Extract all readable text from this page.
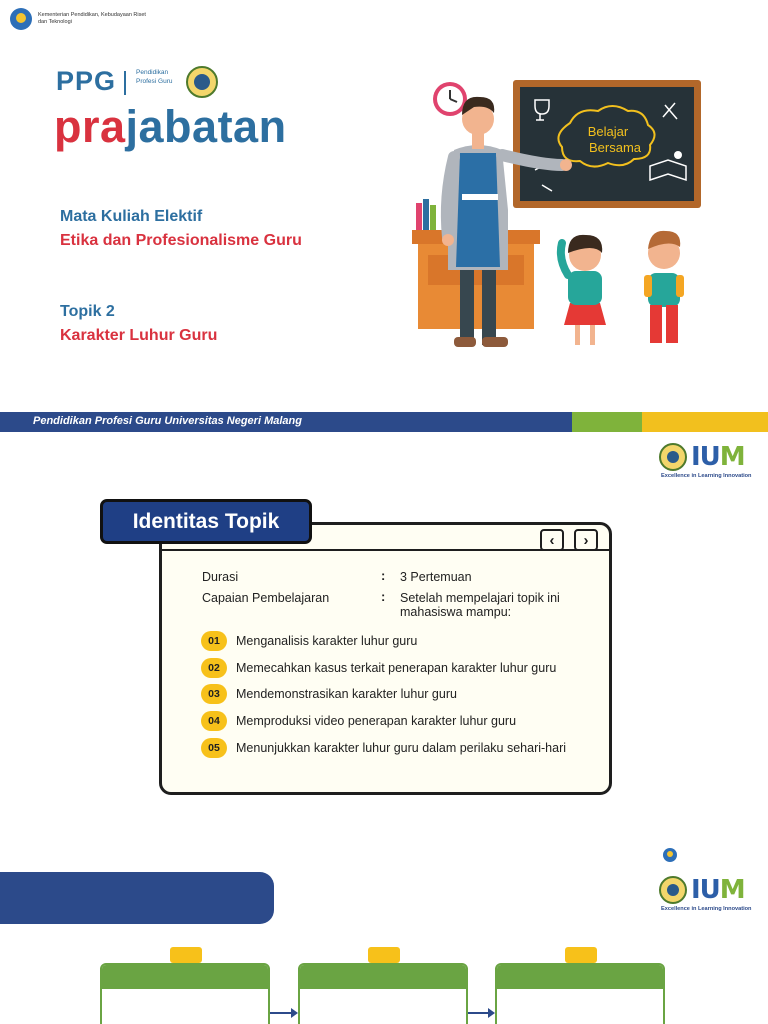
Kementerian Pendidikan, Kebudayaan Riset dan Teknologi
PPG	Pendidikan Profesi Guru
prajabatan
Mata Kuliah Elektif
Etika dan Profesionalisme Guru
Topik 2
Karakter Luhur Guru
Belajar
Bersama
Pendidikan Profesi Guru Universitas Negeri Malang
IUM
Excellence in Learning Innovation
Identitas Topik
‹ ›
Durasi	: 3 Pertemuan
Capaian Pembelajaran	: Setelah mempelajari topik ini mahasiswa mampu:
01	Menganalisis karakter luhur guru
02	Memecahkan kasus terkait penerapan karakter luhur guru
03	Mendemonstrasikan karakter luhur guru
04	Memproduksi video penerapan karakter luhur guru
05	Menunjukkan karakter luhur guru dalam perilaku sehari-hari
Kementerian Pendidikan, Kebudayaan Riset dan Teknologi
IUM
Excellence in Learning Innovation
